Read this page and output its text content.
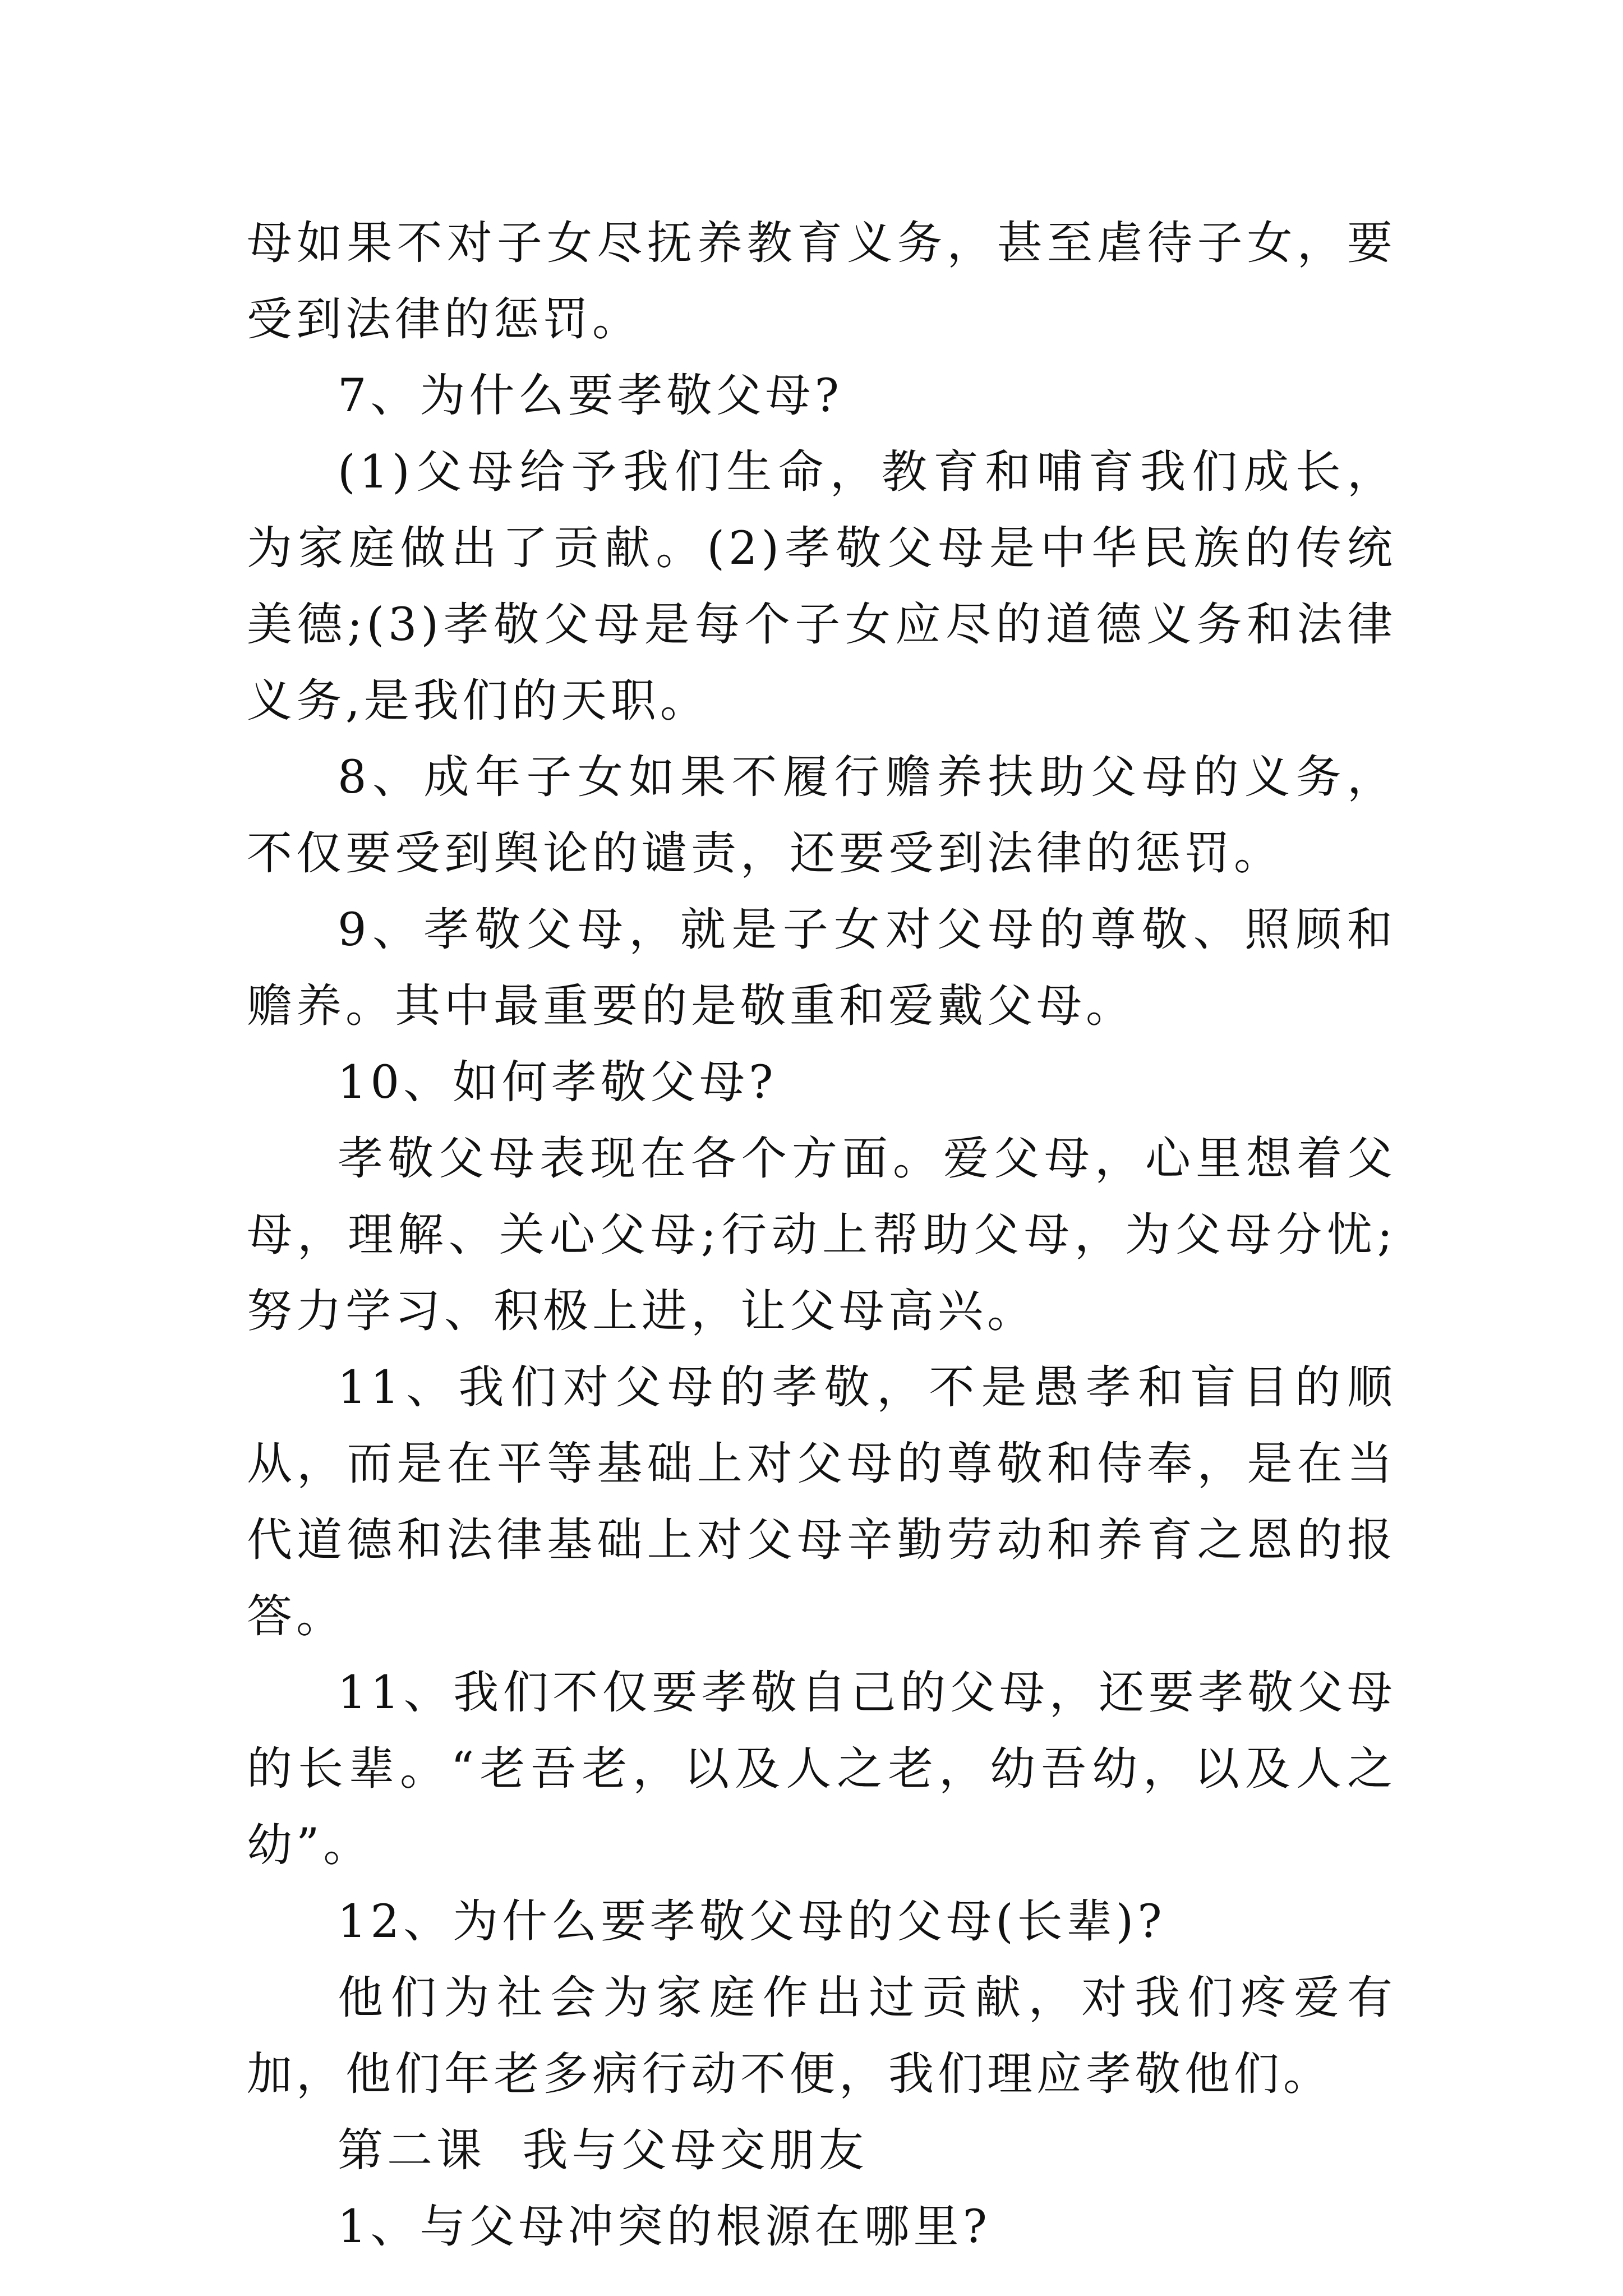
母如果不对子女尽抚养教育义务，甚至虐待子女，要受到法律的惩罚。

7、为什么要孝敬父母?

(1)父母给予我们生命，教育和哺育我们成长，为家庭做出了贡献。(2)孝敬父母是中华民族的传统美德;(3)孝敬父母是每个子女应尽的道德义务和法律义务,是我们的天职。

8、成年子女如果不履行赡养扶助父母的义务，不仅要受到舆论的谴责，还要受到法律的惩罚。

9、孝敬父母，就是子女对父母的尊敬、照顾和赡养。其中最重要的是敬重和爱戴父母。

10、如何孝敬父母?

孝敬父母表现在各个方面。爱父母，心里想着父母，理解、关心父母;行动上帮助父母，为父母分忧;努力学习、积极上进，让父母高兴。

11、我们对父母的孝敬，不是愚孝和盲目的顺从，而是在平等基础上对父母的尊敬和侍奉，是在当代道德和法律基础上对父母辛勤劳动和养育之恩的报答。

11、我们不仅要孝敬自己的父母，还要孝敬父母的长辈。“老吾老，以及人之老，幼吾幼，以及人之幼”。

12、为什么要孝敬父母的父母(长辈)?

他们为社会为家庭作出过贡献，对我们疼爱有加，他们年老多病行动不便，我们理应孝敬他们。

第二课  我与父母交朋友

1、与父母冲突的根源在哪里?
